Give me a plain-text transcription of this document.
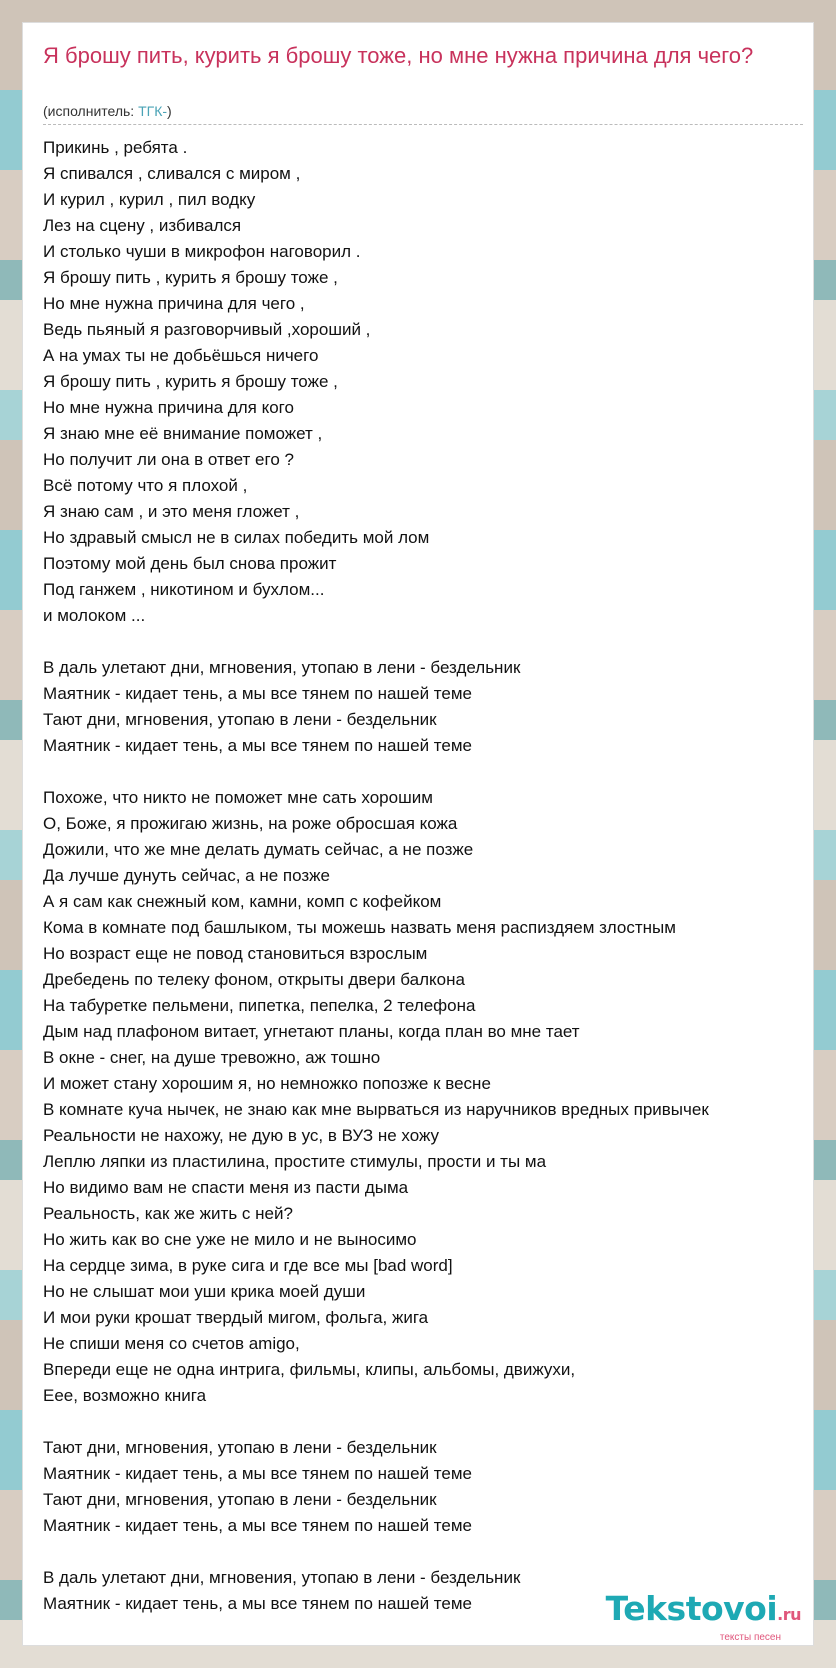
Я брошу пить, курить я брошу тоже, но мне нужна причина для чего?
(исполнитель: ТГК-)
Прикинь , ребята .
Я спивался , сливался с миром ,
И курил , курил , пил водку
Лез на сцену , избивался
И столько чуши в микрофон наговорил .
Я брошу пить , курить я брошу тоже ,
Но мне нужна причина для чего ,
Ведь пьяный я разговорчивый ,хороший ,
А на умах ты не добьёшься ничего
Я брошу пить , курить я брошу тоже ,
Но мне нужна причина для кого
Я знаю мне её внимание поможет ,
Но получит ли она в ответ его ?
Всё потому что я плохой ,
Я знаю сам , и это меня гложет ,
Но здравый смысл не в силах победить мой лом
Поэтому мой день был снова прожит
Под ганжем , никотином и бухлом...
и молоком ...
В даль улетают дни, мгновения, утопаю в лени - бездельник
Маятник - кидает тень, а мы все тянем по нашей теме
Тают дни, мгновения, утопаю в лени - бездельник
Маятник - кидает тень, а мы все тянем по нашей теме
Похоже, что никто не поможет мне сать хорошим
О, Боже, я прожигаю жизнь, на роже обросшая кожа
Дожили, что же мне делать думать сейчас, а не позже
Да лучше дунуть сейчас, а не позже
А я сам как снежный ком, камни, комп с кофейком
Кома в комнате под башлыком, ты можешь назвать меня распиздяем злостным
Но возраст еще не повод становиться взрослым
Дребедень по телеку фоном, открыты двери балкона
На табуретке пельмени, пипетка, пепелка, 2 телефона
Дым над плафоном витает, угнетают планы, когда план во мне тает
В окне - снег, на душе тревожно, аж тошно
И может стану хорошим я, но немножко попозже к весне
В комнате куча нычек, не знаю как мне вырваться из наручников вредных привычек
Реальности не нахожу, не дую в ус, в ВУЗ не хожу
Леплю ляпки из пластилина, простите стимулы, прости и ты ма
Но видимо вам не спасти меня из пасти дыма
Реальность, как же жить с ней?
Но жить как во сне уже не мило и не выносимо
На сердце зима, в руке сига и где все мы [bad word]
Но не слышат мои уши крика моей души
И мои руки крошат твердый мигом, фольга, жига
Не спиши меня со счетов amigo,
Впереди еще не одна интрига, фильмы, клипы, альбомы, движухи,
Еее, возможно книга
Тают дни, мгновения, утопаю в лени - бездельник
Маятник - кидает тень, а мы все тянем по нашей теме
Тают дни, мгновения, утопаю в лени - бездельник
Маятник - кидает тень, а мы все тянем по нашей теме
В даль улетают дни, мгновения, утопаю в лени - бездельник
Маятник - кидает тень, а мы все тянем по нашей теме	Tekstovoi.ru
тексты песен
